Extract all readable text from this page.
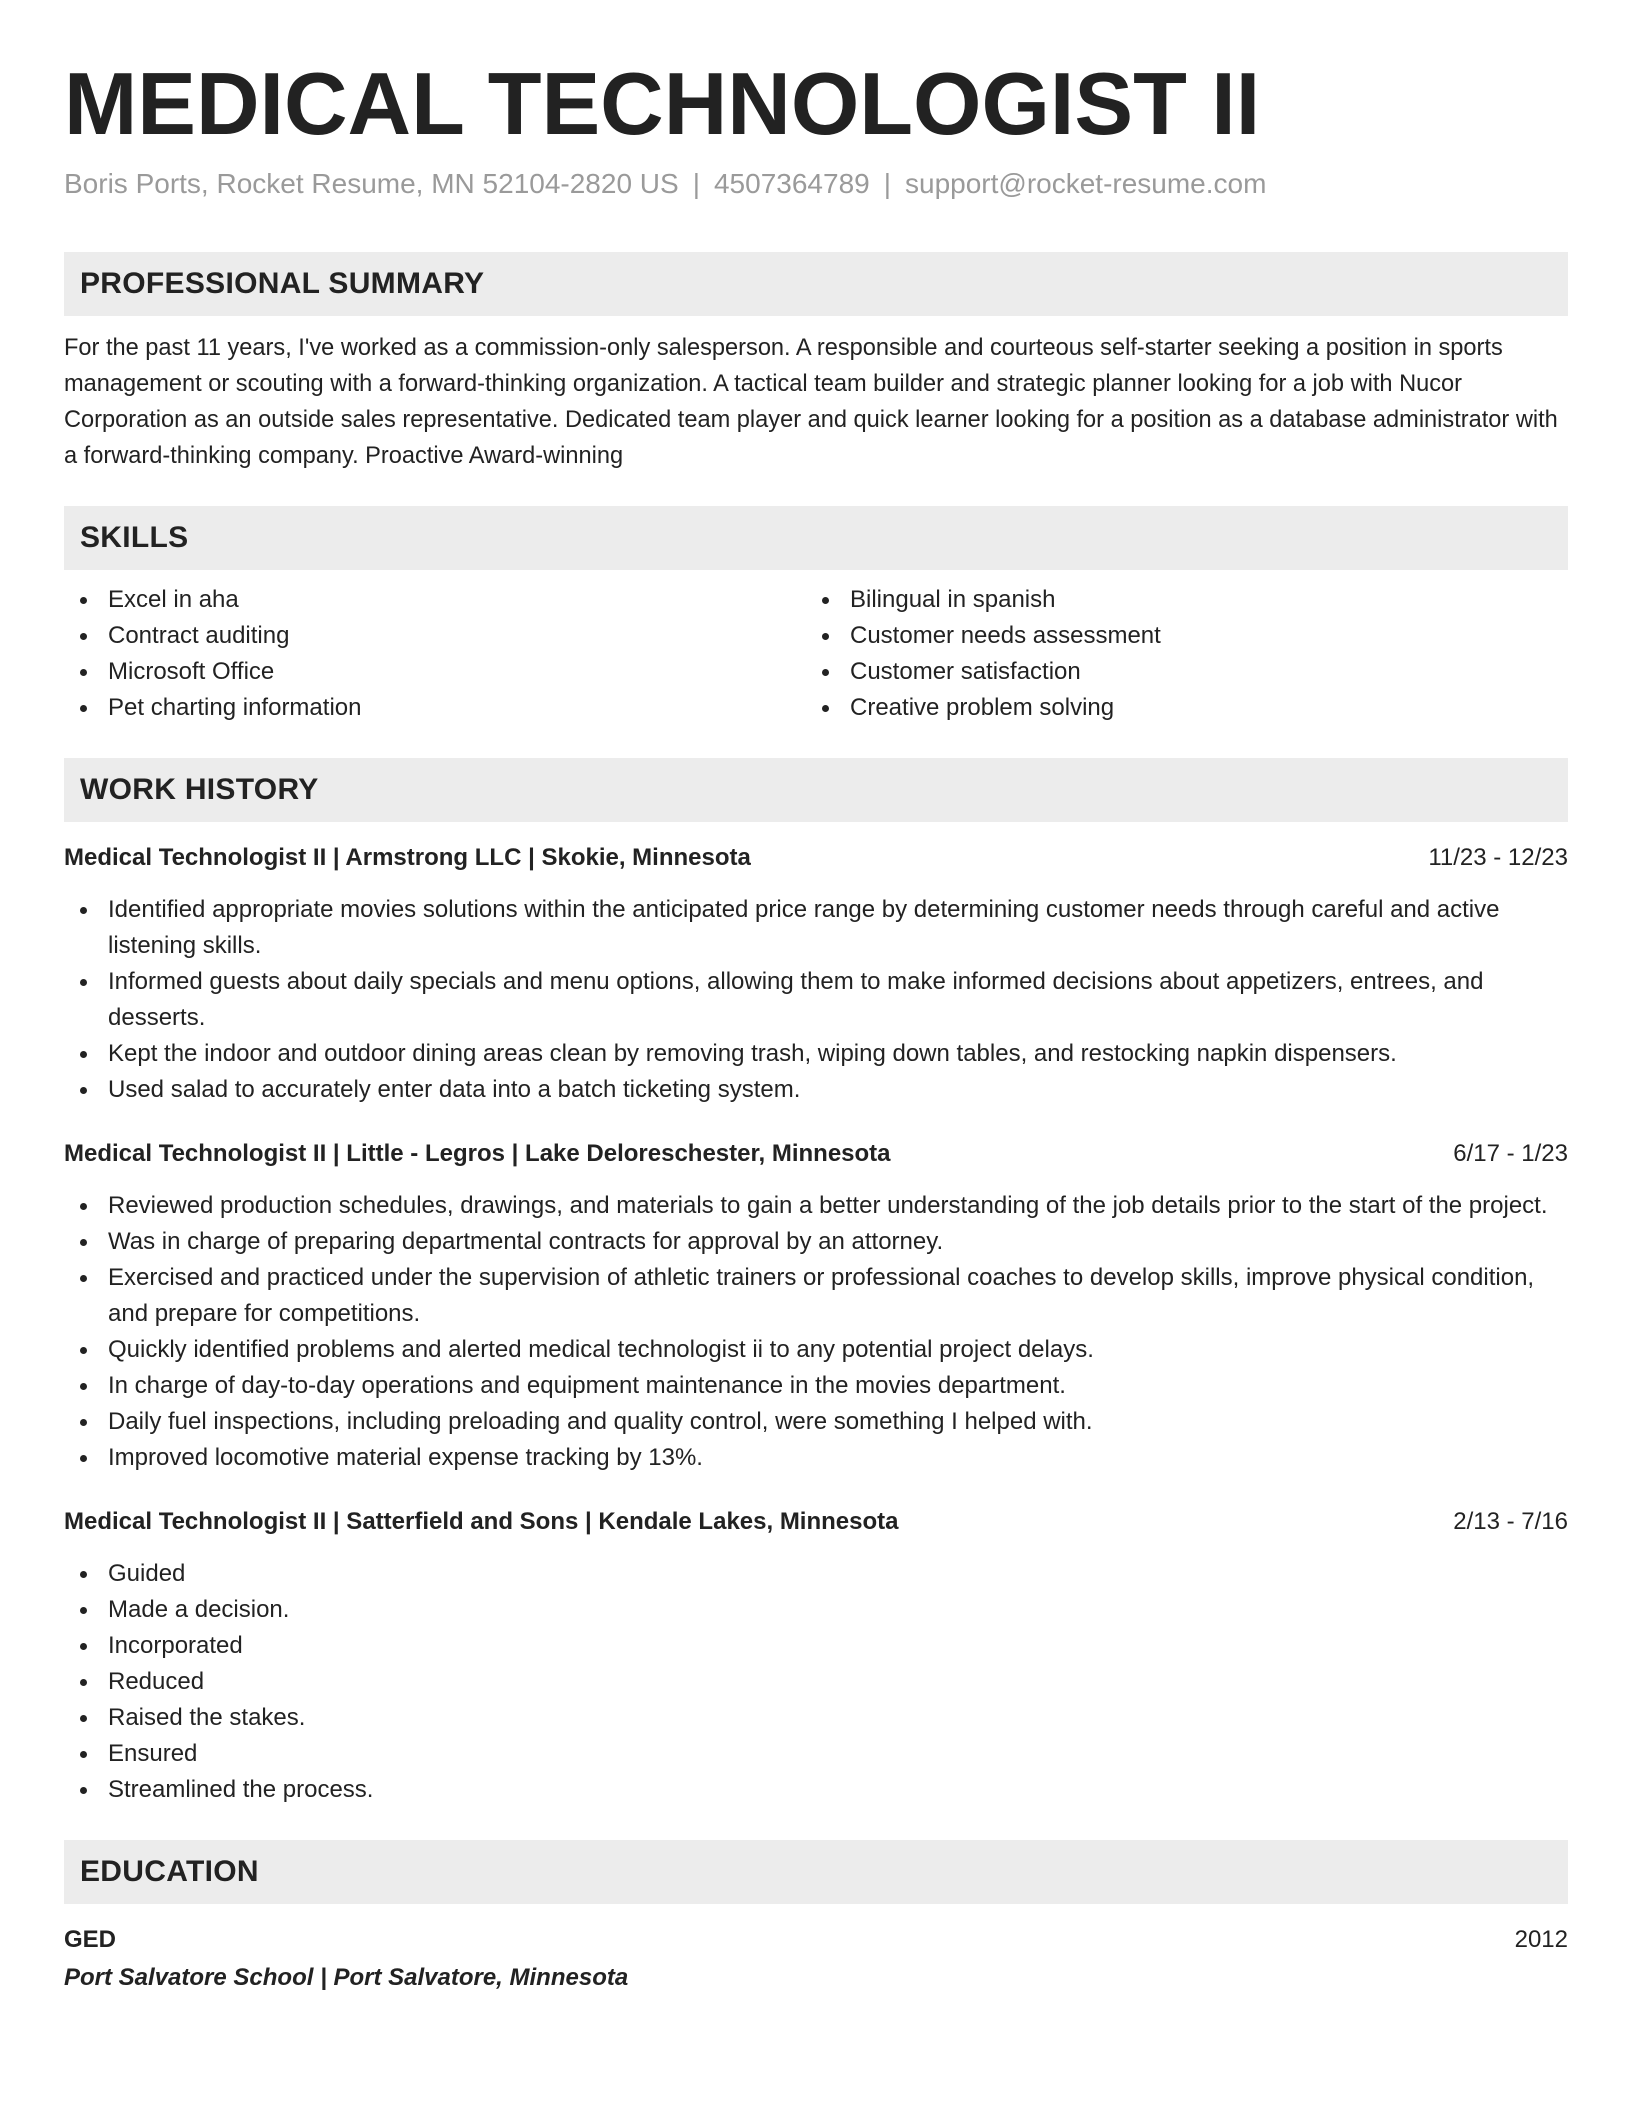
MEDICAL TECHNOLOGIST II
Boris Ports, Rocket Resume, MN 52104-2820 US | 4507364789 | support@rocket-resume.com
PROFESSIONAL SUMMARY
For the past 11 years, I've worked as a commission-only salesperson. A responsible and courteous self-starter seeking a position in sports management or scouting with a forward-thinking organization. A tactical team builder and strategic planner looking for a job with Nucor Corporation as an outside sales representative. Dedicated team player and quick learner looking for a position as a database administrator with a forward-thinking company. Proactive Award-winning
SKILLS
Excel in aha
Contract auditing
Microsoft Office
Pet charting information
Bilingual in spanish
Customer needs assessment
Customer satisfaction
Creative problem solving
WORK HISTORY
Medical Technologist II | Armstrong LLC | Skokie, Minnesota	11/23 - 12/23
Identified appropriate movies solutions within the anticipated price range by determining customer needs through careful and active listening skills.
Informed guests about daily specials and menu options, allowing them to make informed decisions about appetizers, entrees, and desserts.
Kept the indoor and outdoor dining areas clean by removing trash, wiping down tables, and restocking napkin dispensers.
Used salad to accurately enter data into a batch ticketing system.
Medical Technologist II | Little - Legros | Lake Deloreschester, Minnesota	6/17 - 1/23
Reviewed production schedules, drawings, and materials to gain a better understanding of the job details prior to the start of the project.
Was in charge of preparing departmental contracts for approval by an attorney.
Exercised and practiced under the supervision of athletic trainers or professional coaches to develop skills, improve physical condition, and prepare for competitions.
Quickly identified problems and alerted medical technologist ii to any potential project delays.
In charge of day-to-day operations and equipment maintenance in the movies department.
Daily fuel inspections, including preloading and quality control, were something I helped with.
Improved locomotive material expense tracking by 13%.
Medical Technologist II | Satterfield and Sons | Kendale Lakes, Minnesota	2/13 - 7/16
Guided
Made a decision.
Incorporated
Reduced
Raised the stakes.
Ensured
Streamlined the process.
EDUCATION
GED	2012
Port Salvatore School | Port Salvatore, Minnesota
